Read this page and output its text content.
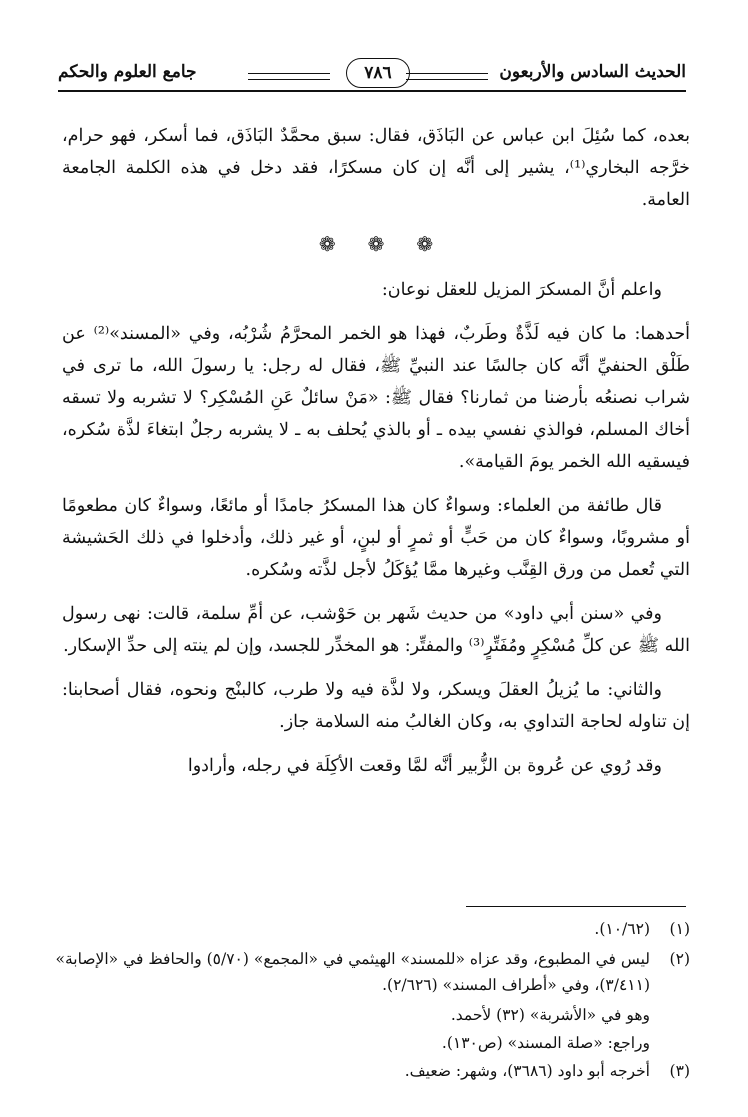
الحديث السادس والأربعون
٧٨٦
جامع العلوم والحكم

بعده، كما سُئِلَ ابن عباس عن البَاذَق، فقال: سبق محمَّدٌ البَاذَق، فما أسكر، فهو حرام، خرَّجه البخاري⁽¹⁾، يشير إلى أنَّه إن كان مسكرًا، فقد دخل في هذه الكلمة الجامعة العامة.

❁❁❁

واعلم أنَّ المسكرَ المزيل للعقل نوعان:

أحدهما: ما كان فيه لَذَّةٌ وطَربٌ، فهذا هو الخمر المحرَّمُ شُرْبُه، وفي «المسند»⁽²⁾ عن طَلْق الحنفيِّ أنَّه كان جالسًا عند النبيِّ ﷺ، فقال له رجل: يا رسولَ الله، ما ترى في شراب نصنعُه بأرضنا من ثمارنا؟ فقال ﷺ: «مَنْ سائلٌ عَنِ المُسْكِر؟ لا تشربه ولا تسقه أخاك المسلم، فوالذي نفسي بيده ـ أو بالذي يُحلف به ـ لا يشربه رجلٌ ابتغاءَ لذَّة سُكره، فيسقيه الله الخمر يومَ القيامة».

قال طائفة من العلماء: وسواءٌ كان هذا المسكرُ جامدًا أو مائعًا، وسواءٌ كان مطعومًا أو مشروبًا، وسواءٌ كان من حَبٍّ أو ثمرٍ أو لبنٍ، أو غير ذلك، وأدخلوا في ذلك الحَشيشة التي تُعمل من ورق القِنَّب وغيرها ممَّا يُؤكَلُ لأجل لذَّته وسُكره.

وفي «سنن أبي داود» من حديث شَهر بن حَوْشب، عن أمِّ سلمة، قالت: نهى رسول الله ﷺ عن كلِّ مُسْكِرٍ ومُفَتِّرٍ⁽³⁾ والمفتِّر: هو المخدِّر للجسد، وإن لم ينته إلى حدِّ الإسكار.

والثاني: ما يُزيلُ العقلَ ويسكر، ولا لذَّة فيه ولا طرب، كالبنْج ونحوه، فقال أصحابنا: إن تناوله لحاجة التداوي به، وكان الغالبُ منه السلامة جاز.

وقد رُوي عن عُروة بن الزُّبير أنَّه لمَّا وقعت الأكِلَة في رجله، وأرادوا

(١)
(١٠/٦٢).
(٢)
ليس في المطبوع، وقد عزاه «للمسند» الهيثمي في «المجمع» (٥/٧٠) والحافظ في «الإصابة» (٣/٤١١)، وفي «أطراف المسند» (٢/٦٢٦).
وهو في «الأشربة» (٣٢) لأحمد.
وراجع: «صلة المسند» (ص١٣٠).
(٣)
أخرجه أبو داود (٣٦٨٦)، وشهر: ضعيف.
